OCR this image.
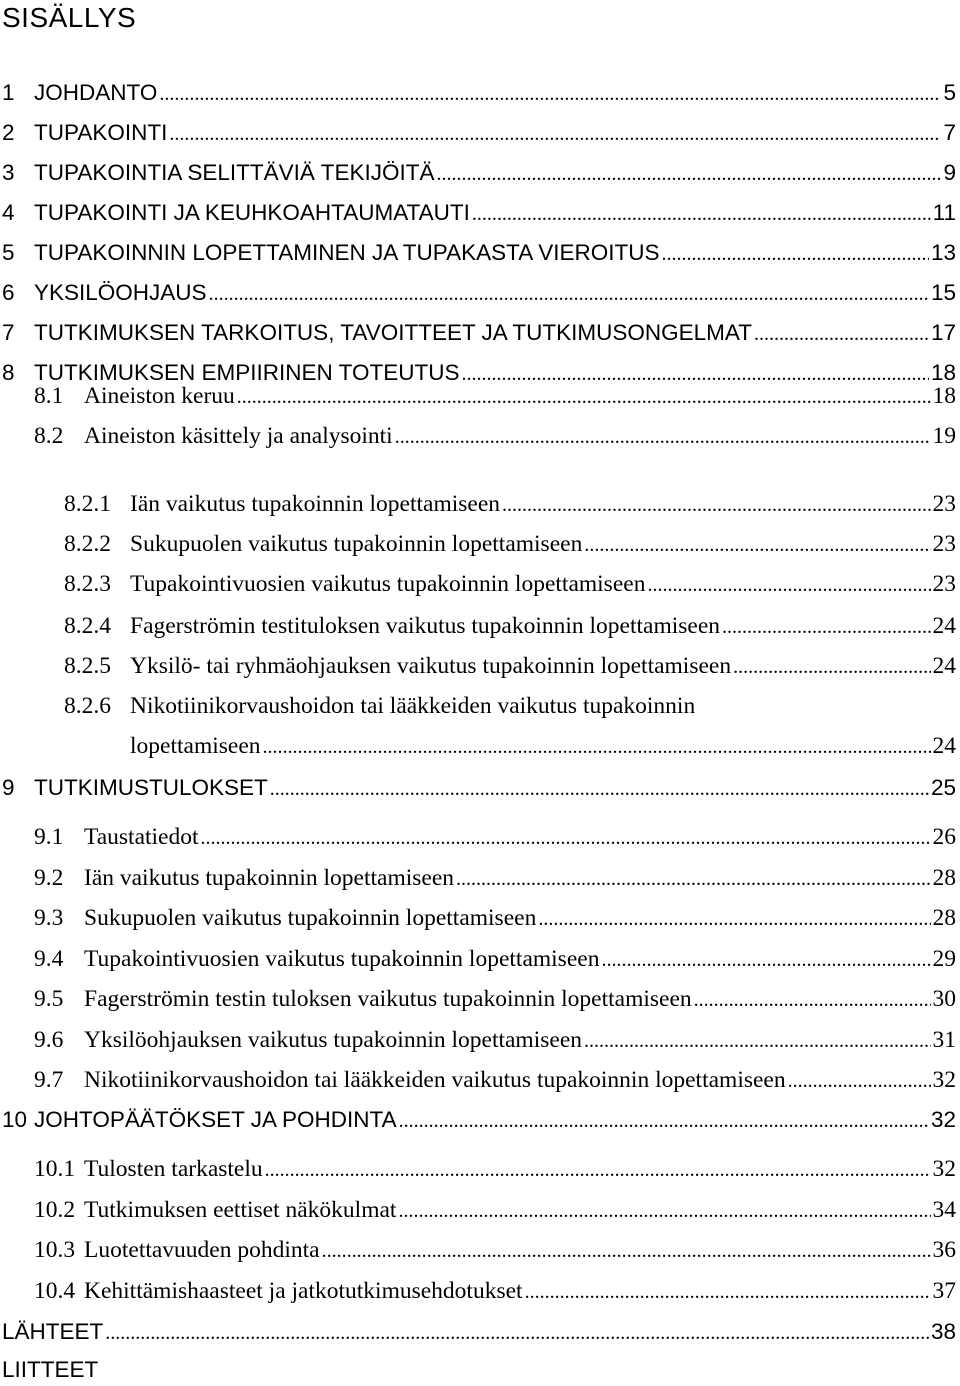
SISÄLLYS
1 JOHDANTO .....	5
2 TUPAKOINTI .....	7
3 TUPAKOINTIA SELITTÄVIÄ TEKIJÖITÄ .....	9
4 TUPAKOINTI JA KEUHKOAHTAUMATAUTI .....	11
5 TUPAKOINNIN LOPETTAMINEN JA TUPAKASTA VIEROITUS .....	13
6 YKSILÖOHJAUS .....	15
7 TUTKIMUKSEN TARKOITUS, TAVOITTEET JA TUTKIMUSONGELMAT .....	17
8 TUTKIMUKSEN EMPIIRINEN TOTEUTUS .....	18
8.1 Aineiston keruu .....	18
8.2 Aineiston käsittely ja analysointi .....	19
8.2.1 Iän vaikutus tupakoinnin lopettamiseen .....	23
8.2.2 Sukupuolen vaikutus tupakoinnin lopettamiseen .....	23
8.2.3 Tupakointivuosien vaikutus tupakoinnin lopettamiseen .....	23
8.2.4 Fagerströmin testituloksen vaikutus tupakoinnin lopettamiseen .....	24
8.2.5 Yksilö- tai ryhmäohjauksen vaikutus tupakoinnin lopettamiseen .....	24
8.2.6 Nikotiinikorvaushoidon tai lääkkeiden vaikutus tupakoinnin
lopettamiseen .....	24
9 TUTKIMUSTULOKSET .....	25
9.1 Taustatiedot .....	26
9.2 Iän vaikutus tupakoinnin lopettamiseen .....	28
9.3 Sukupuolen vaikutus tupakoinnin lopettamiseen .....	28
9.4 Tupakointivuosien vaikutus tupakoinnin lopettamiseen .....	29
9.5 Fagerströmin testin tuloksen vaikutus tupakoinnin lopettamiseen .....	30
9.6 Yksilöohjauksen vaikutus tupakoinnin lopettamiseen .....	31
9.7 Nikotiinikorvaushoidon tai lääkkeiden vaikutus tupakoinnin lopettamiseen .....	32
10 JOHTOPÄÄTÖKSET JA POHDINTA .....	32
10.1 Tulosten tarkastelu .....	32
10.2 Tutkimuksen eettiset näkökulmat .....	34
10.3 Luotettavuuden pohdinta .....	36
10.4 Kehittämishaasteet ja jatkotutkimusehdotukset .....	37
LÄHTEET .....	38
LIITTEET
